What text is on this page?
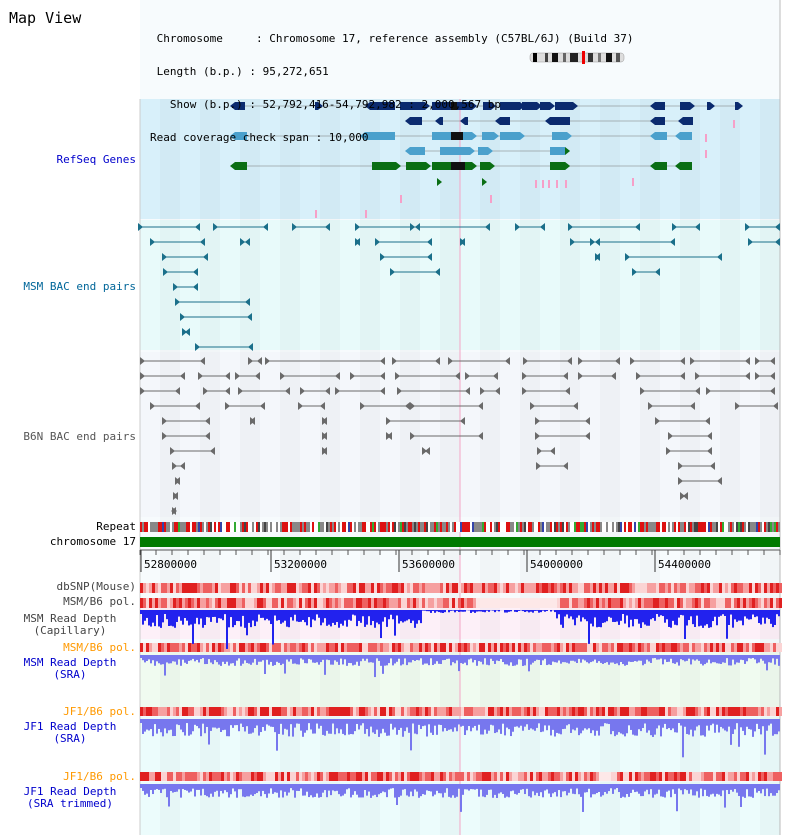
52800000	53200000	53600000	54000000	54400000
Map View

Chromosome     : Chromosome 17, reference assembly (C57BL/6J) (Build 37)

Length (b.p.) : 95,272,651

Show (b.p.) : 52,792,416-54,792,982 : 2,000,567 bp

Read coverage check span : 10,000

RefSeq Genes
MSM BAC end pairs
B6N BAC end pairs
Repeat
chromosome 17
dbSNP(Mouse)
MSM/B6 pol.
MSM Read Depth
(Capillary)
MSM/B6 pol.
MSM Read Depth
(SRA)
JF1/B6 pol.
JF1 Read Depth
(SRA)
JF1/B6 pol.
JF1 Read Depth
(SRA trimmed)
